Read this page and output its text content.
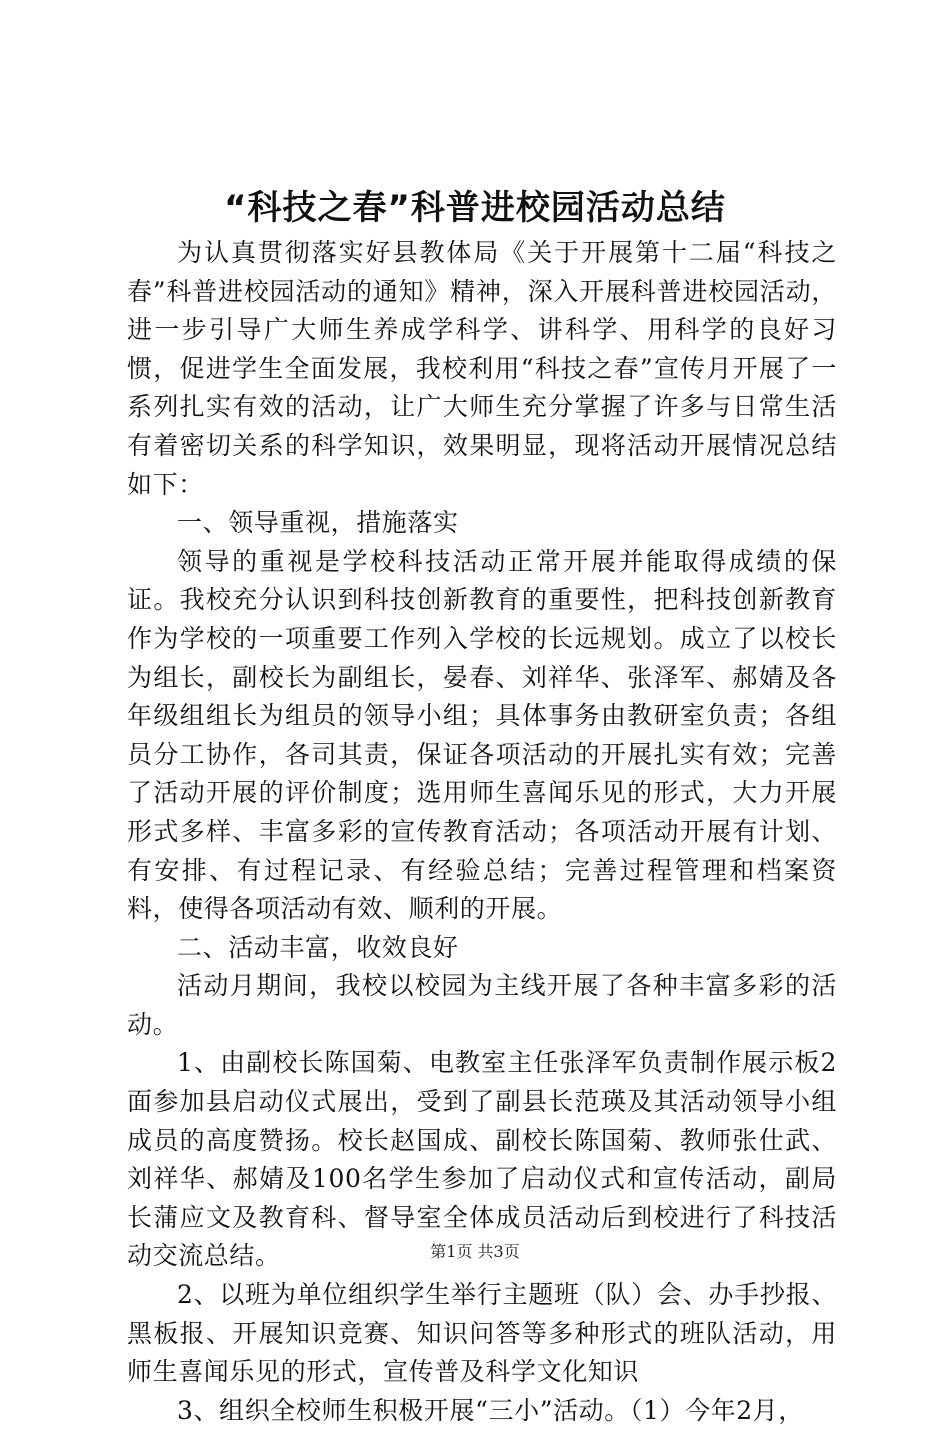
“科技之春”科普进校园活动总结

为认真贯彻落实好县教体局《关于开展第十二届“科技之春”科普进校园活动的通知》精神，深入开展科普进校园活动，进一步引导广大师生养成学科学、讲科学、用科学的良好习惯，促进学生全面发展，我校利用“科技之春”宣传月开展了一系列扎实有效的活动，让广大师生充分掌握了许多与日常生活有着密切关系的科学知识，效果明显，现将活动开展情况总结如下：

一、领导重视，措施落实

领导的重视是学校科技活动正常开展并能取得成绩的保证。我校充分认识到科技创新教育的重要性，把科技创新教育作为学校的一项重要工作列入学校的长远规划。成立了以校长为组长，副校长为副组长，晏春、刘祥华、张泽军、郝婧及各年级组组长为组员的领导小组；具体事务由教研室负责；各组员分工协作，各司其责，保证各项活动的开展扎实有效；完善了活动开展的评价制度；选用师生喜闻乐见的形式，大力开展形式多样、丰富多彩的宣传教育活动；各项活动开展有计划、有安排、有过程记录、有经验总结；完善过程管理和档案资料，使得各项活动有效、顺利的开展。

二、活动丰富，收效良好

活动月期间，我校以校园为主线开展了各种丰富多彩的活动。

1、由副校长陈国菊、电教室主任张泽军负责制作展示板2面参加县启动仪式展出，受到了副县长范瑛及其活动领导小组成员的高度赞扬。校长赵国成、副校长陈国菊、教师张仕武、刘祥华、郝婧及100名学生参加了启动仪式和宣传活动，副局长蒲应文及教育科、督导室全体成员活动后到校进行了科技活动交流总结。

2、以班为单位组织学生举行主题班（队）会、办手抄报、黑板报、开展知识竞赛、知识问答等多种形式的班队活动，用师生喜闻乐见的形式，宣传普及科学文化知识

3、组织全校师生积极开展“三小”活动。（1）今年2月，

第1页 共3页
